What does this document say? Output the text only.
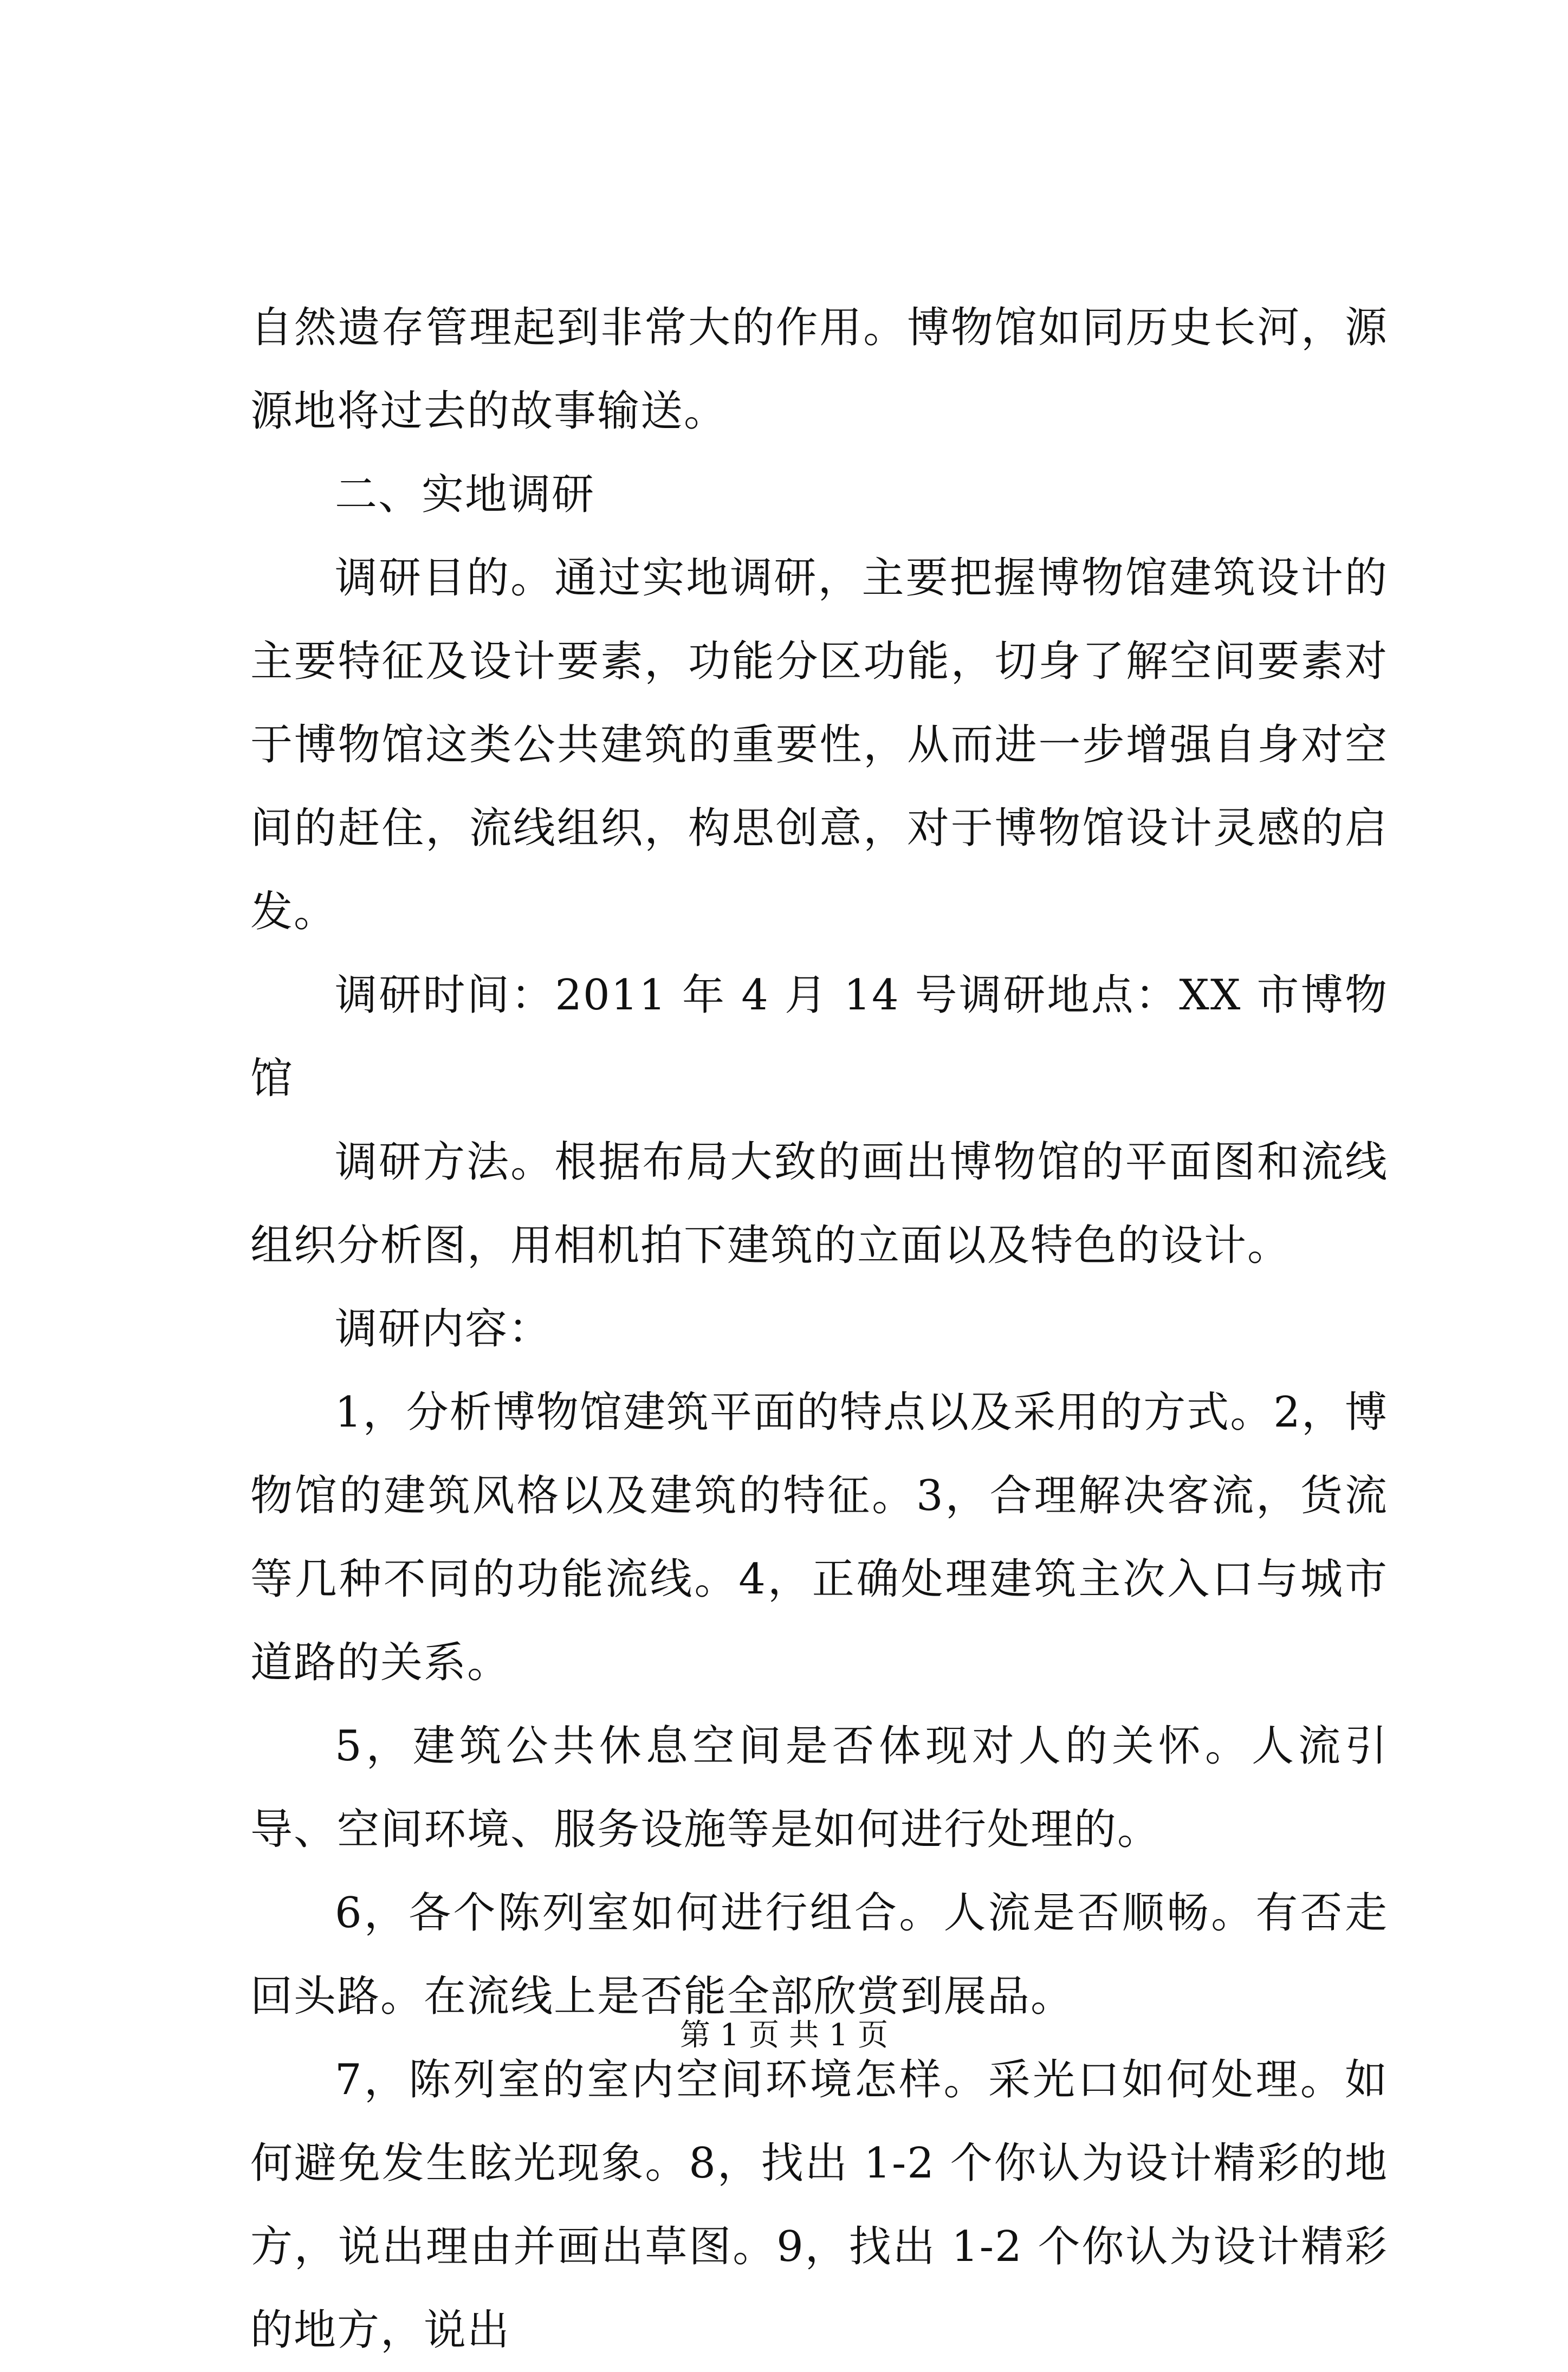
自然遗存管理起到非常大的作用。博物馆如同历史长河，源源地将过去的故事输送。

二、实地调研

调研目的。通过实地调研，主要把握博物馆建筑设计的主要特征及设计要素，功能分区功能，切身了解空间要素对于博物馆这类公共建筑的重要性，从而进一步增强自身对空间的赶住，流线组织，构思创意，对于博物馆设计灵感的启发。

调研时间：2011 年 4 月 14 号调研地点：XX 市博物馆

调研方法。根据布局大致的画出博物馆的平面图和流线组织分析图，用相机拍下建筑的立面以及特色的设计。

调研内容：

1，分析博物馆建筑平面的特点以及采用的方式。2，博物馆的建筑风格以及建筑的特征。3，合理解决客流，货流等几种不同的功能流线。4，正确处理建筑主次入口与城市道路的关系。

5，建筑公共休息空间是否体现对人的关怀。人流引导、空间环境、服务设施等是如何进行处理的。

6，各个陈列室如何进行组合。人流是否顺畅。有否走回头路。在流线上是否能全部欣赏到展品。

7，陈列室的室内空间环境怎样。采光口如何处理。如何避免发生眩光现象。8，找出 1-2 个你认为设计精彩的地方，说出理由并画出草图。9，找出 1-2 个你认为设计精彩的地方，说出

第 1 页 共 1 页
